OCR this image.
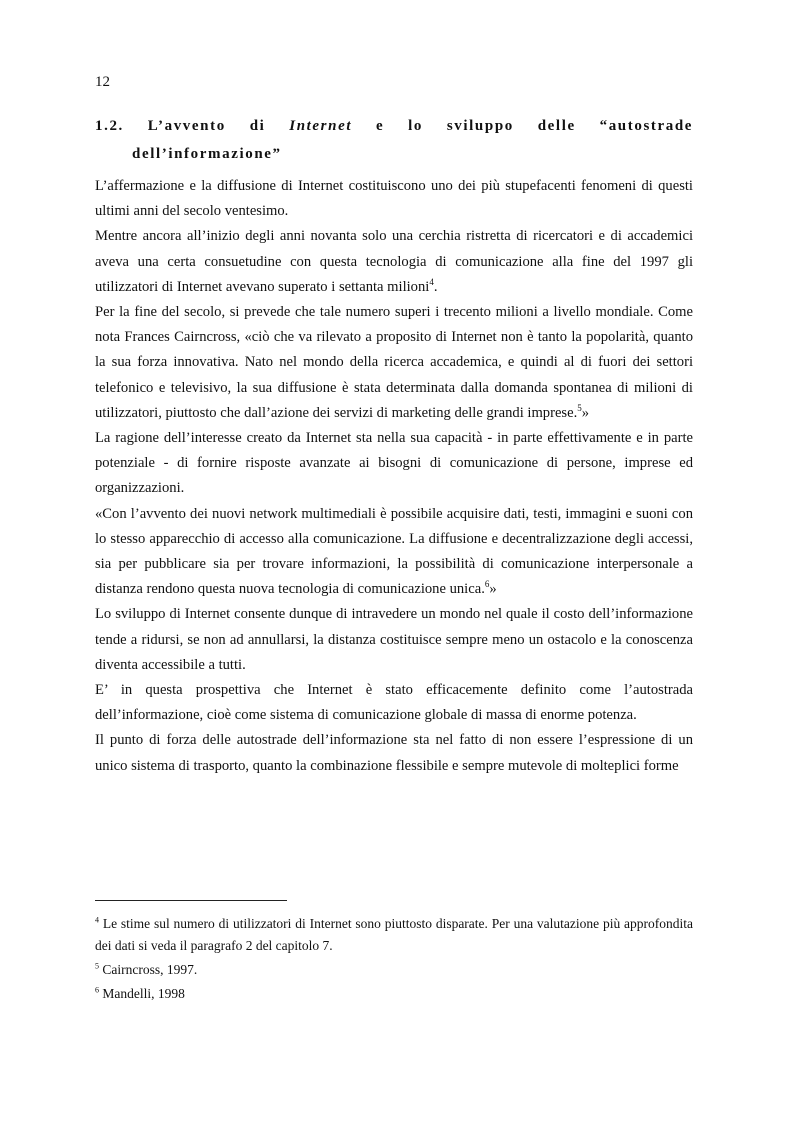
12
1.2. L’avvento di Internet e lo sviluppo delle “autostrade
dell’informazione”

L’affermazione e la diffusione di Internet costituiscono uno dei più stupefacenti fenomeni di questi ultimi anni del secolo ventesimo.

Mentre ancora all’inizio degli anni novanta solo una cerchia ristretta di ricercatori e di accademici aveva una certa consuetudine con questa tecnologia di comunicazione alla fine del 1997 gli utilizzatori di Internet avevano superato i settanta milioni$^4$.

Per la fine del secolo, si prevede che tale numero superi i trecento milioni a livello mondiale. Come nota Frances Cairncross, «ciò che va rilevato a proposito di Internet non è tanto la popolarità, quanto la sua forza innovativa. Nato nel mondo della ricerca accademica, e quindi al di fuori dei settori telefonico e televisivo, la sua diffusione è stata determinata dalla domanda spontanea di milioni di utilizzatori, piuttosto che dall’azione dei servizi di marketing delle grandi imprese.$^5$»

La ragione dell’interesse creato da Internet sta nella sua capacità - in parte effettivamente e in parte potenziale - di fornire risposte avanzate ai bisogni di comunicazione di persone, imprese ed organizzazioni.

«Con l’avvento dei nuovi network multimediali è possibile acquisire dati, testi, immagini e suoni con lo stesso apparecchio di accesso alla comunicazione. La diffusione e decentralizzazione degli accessi, sia per pubblicare sia per trovare informazioni, la possibilità di comunicazione interpersonale a distanza rendono questa nuova tecnologia di comunicazione unica.$^6$»

Lo sviluppo di Internet consente dunque di intravedere un mondo nel quale il costo dell’informazione tende a ridursi, se non ad annullarsi, la distanza costituisce sempre meno un ostacolo e la conoscenza diventa accessibile a tutti.

E’ in questa prospettiva che Internet è stato efficacemente definito come l’autostrada dell’informazione, cioè come sistema di comunicazione globale di massa di enorme potenza.

Il punto di forza delle autostrade dell’informazione sta nel fatto di non essere l’espressione di un unico sistema di trasporto, quanto la combinazione flessibile e sempre mutevole di molteplici forme

$^4$ Le stime sul numero di utilizzatori di Internet sono piuttosto disparate. Per una valutazione più approfondita dei dati si veda il paragrafo 2 del capitolo 7.

$^5$ Cairncross, 1997.

$^6$ Mandelli, 1998
